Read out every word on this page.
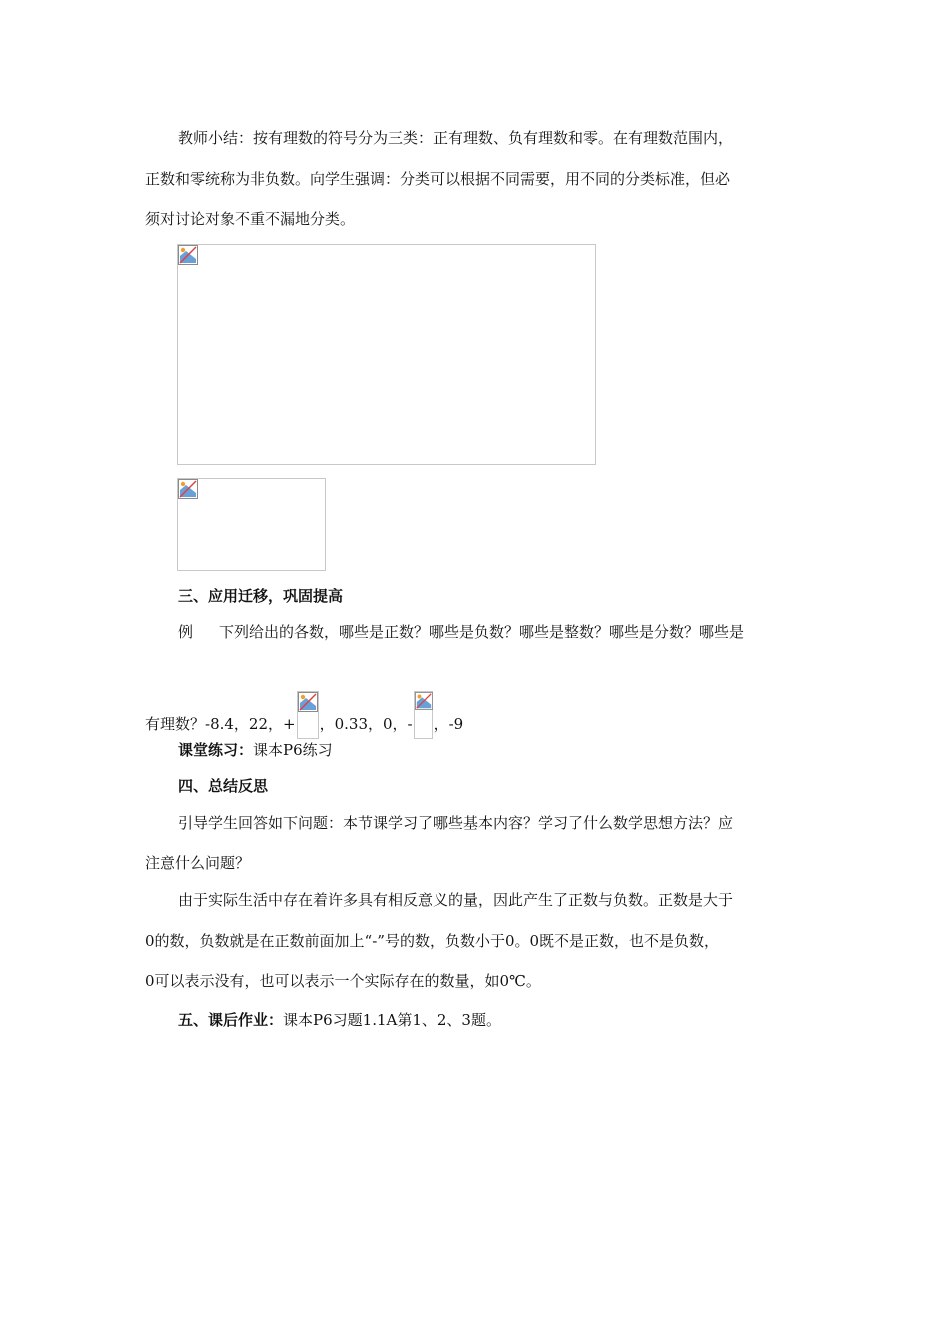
教师小结：按有理数的符号分为三类：正有理数、负有理数和零。在有理数范围内，
正数和零统称为非负数。向学生强调：分类可以根据不同需要，用不同的分类标准，但必
须对讨论对象不重不漏地分类。
三、应用迁移，巩固提高
例 下列给出的各数，哪些是正数？哪些是负数？哪些是整数？哪些是分数？哪些是
有理数？-8.4，22，+ ，0.33，0，- ，-9
课堂练习：课本P6练习
四、总结反思
引导学生回答如下问题：本节课学习了哪些基本内容？学习了什么数学思想方法？应
注意什么问题？
由于实际生活中存在着许多具有相反意义的量，因此产生了正数与负数。正数是大于
0的数，负数就是在正数前面加上“-”号的数，负数小于0。0既不是正数，也不是负数，
0可以表示没有，也可以表示一个实际存在的数量，如0℃。
五、课后作业：课本P6习题1.1A第1、2、3题。
